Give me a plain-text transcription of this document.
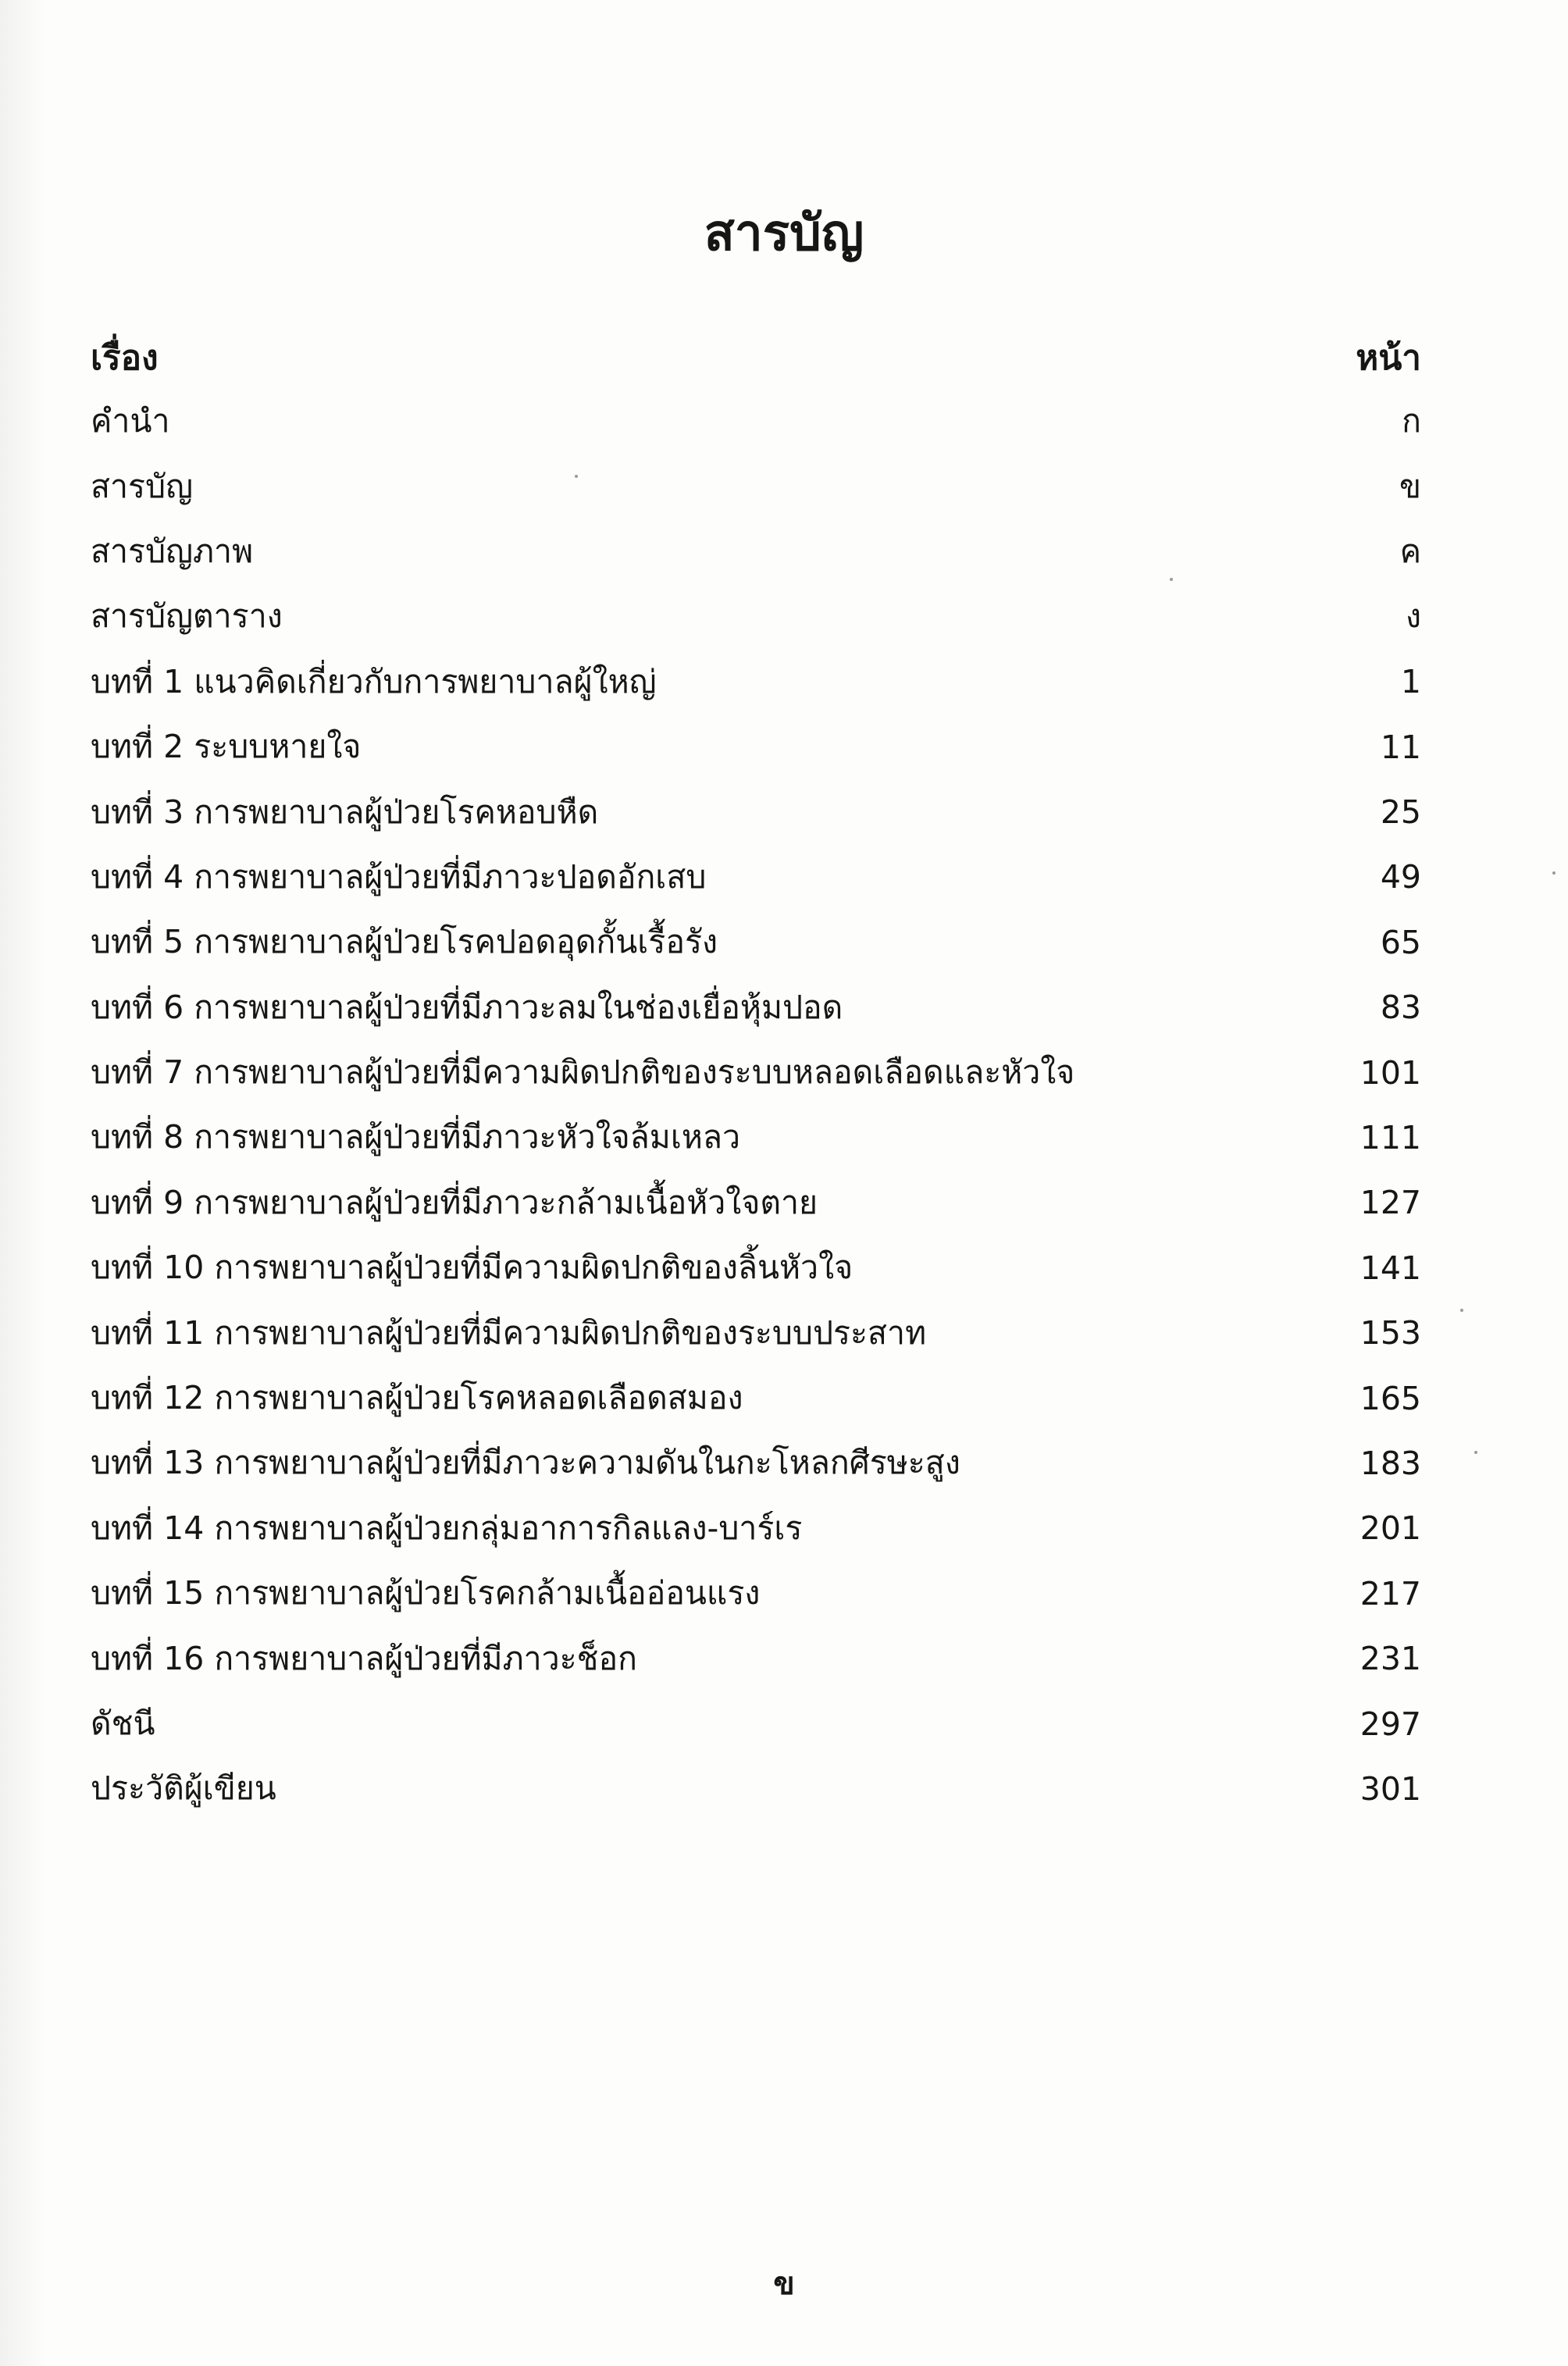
สารบัญ
เรื่อง	หน้า
คำนำ	ก
สารบัญ	ข
สารบัญภาพ	ค
สารบัญตาราง	ง
บทที่ 1 แนวคิดเกี่ยวกับการพยาบาลผู้ใหญ่	1
บทที่ 2 ระบบหายใจ	11
บทที่ 3 การพยาบาลผู้ป่วยโรคหอบหืด	25
บทที่ 4 การพยาบาลผู้ป่วยที่มีภาวะปอดอักเสบ	49
บทที่ 5 การพยาบาลผู้ป่วยโรคปอดอุดกั้นเรื้อรัง	65
บทที่ 6 การพยาบาลผู้ป่วยที่มีภาวะลมในช่องเยื่อหุ้มปอด	83
บทที่ 7 การพยาบาลผู้ป่วยที่มีความผิดปกติของระบบหลอดเลือดและหัวใจ	101
บทที่ 8 การพยาบาลผู้ป่วยที่มีภาวะหัวใจล้มเหลว	111
บทที่ 9 การพยาบาลผู้ป่วยที่มีภาวะกล้ามเนื้อหัวใจตาย	127
บทที่ 10 การพยาบาลผู้ป่วยที่มีความผิดปกติของลิ้นหัวใจ	141
บทที่ 11 การพยาบาลผู้ป่วยที่มีความผิดปกติของระบบประสาท	153
บทที่ 12 การพยาบาลผู้ป่วยโรคหลอดเลือดสมอง	165
บทที่ 13 การพยาบาลผู้ป่วยที่มีภาวะความดันในกะโหลกศีรษะสูง	183
บทที่ 14 การพยาบาลผู้ป่วยกลุ่มอาการกิลแลง-บาร์เร	201
บทที่ 15 การพยาบาลผู้ป่วยโรคกล้ามเนื้ออ่อนแรง	217
บทที่ 16 การพยาบาลผู้ป่วยที่มีภาวะช็อก	231
ดัชนี	297
ประวัติผู้เขียน	301
ข
